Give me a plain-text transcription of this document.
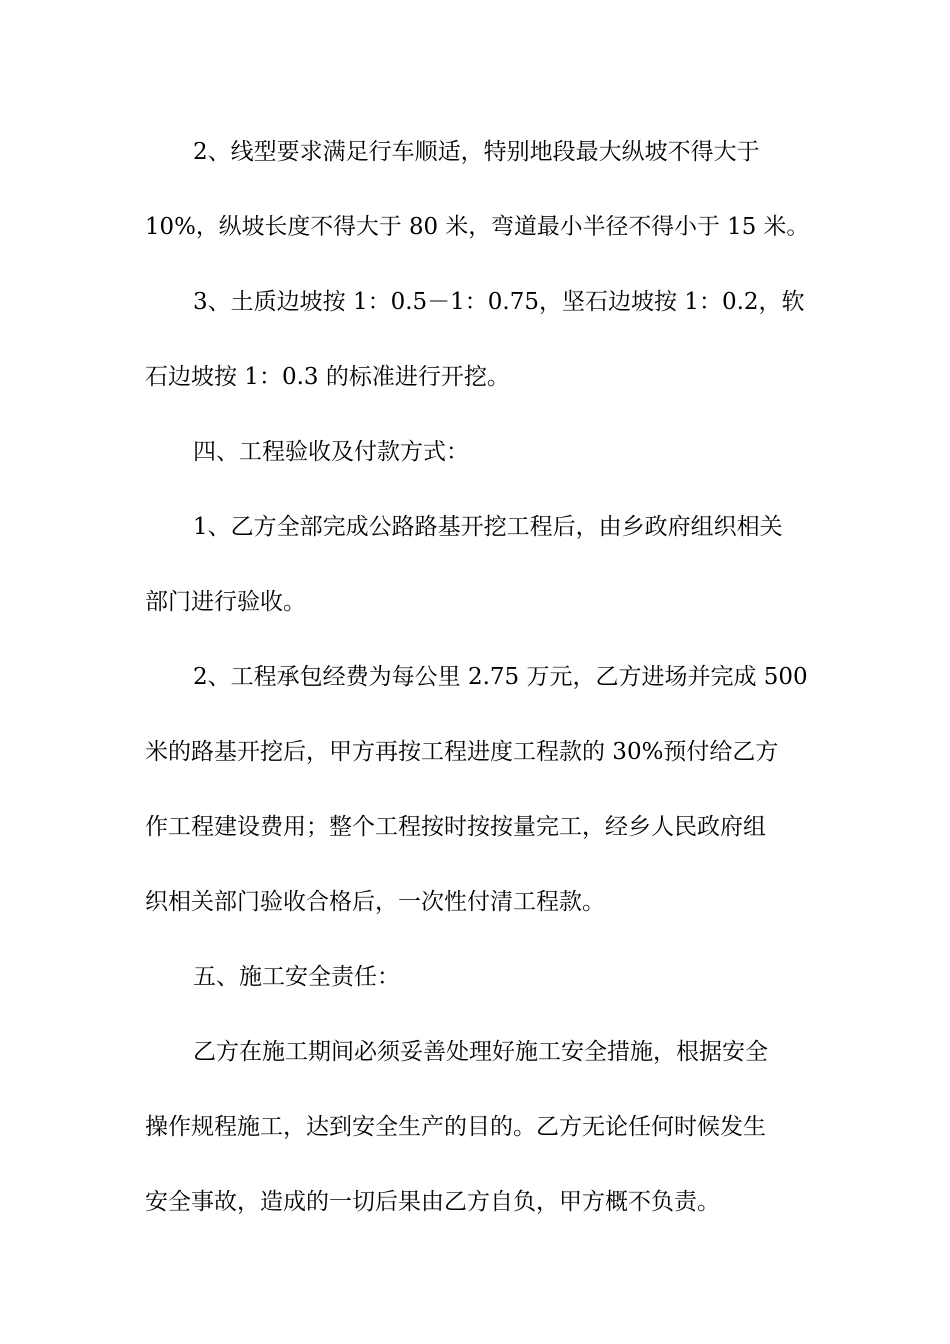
2、线型要求满足行车顺适，特别地段最大纵坡不得大于
10%，纵坡长度不得大于 80 米，弯道最小半径不得小于 15 米。
3、土质边坡按 1：0.5－1：0.75，坚石边坡按 1：0.2，软
石边坡按 1：0.3 的标准进行开挖。
四、工程验收及付款方式：
1、乙方全部完成公路路基开挖工程后，由乡政府组织相关
部门进行验收。
2、工程承包经费为每公里 2.75 万元，乙方进场并完成 500
米的路基开挖后，甲方再按工程进度工程款的 30%预付给乙方
作工程建设费用；整个工程按时按按量完工，经乡人民政府组
织相关部门验收合格后，一次性付清工程款。
五、施工安全责任：
乙方在施工期间必须妥善处理好施工安全措施，根据安全
操作规程施工，达到安全生产的目的。乙方无论任何时候发生
安全事故，造成的一切后果由乙方自负，甲方概不负责。
